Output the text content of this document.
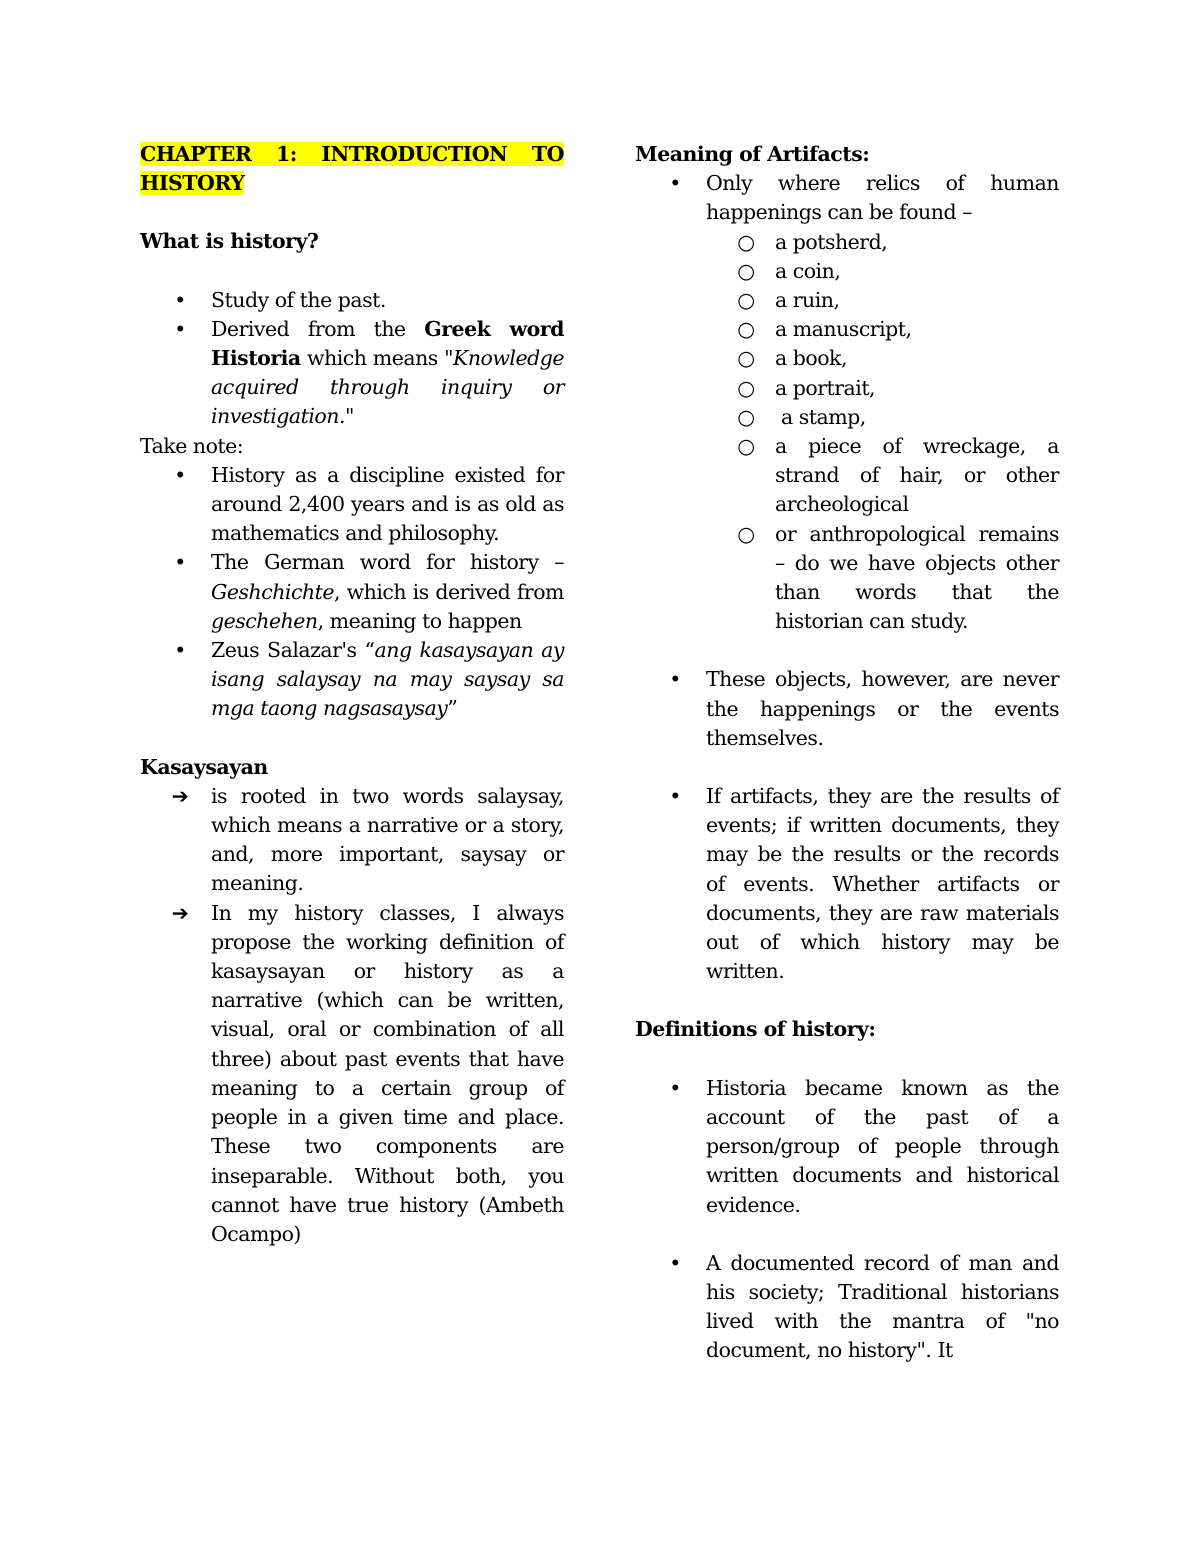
CHAPTER 1: INTRODUCTION TO HISTORY
What is history?
• Study of the past.
• Derived from the Greek word Historia which means "Knowledge acquired through inquiry or investigation."
Take note:
• History as a discipline existed for around 2,400 years and is as old as mathematics and philosophy.
• The German word for history – Geshchichte, which is derived from geschehen, meaning to happen
• Zeus Salazar's “ang kasaysayan ay isang salaysay na may saysay sa mga taong nagsasaysay”
Kasaysayan
➔ is rooted in two words salaysay, which means a narrative or a story, and, more important, saysay or meaning.
➔ In my history classes, I always propose the working definition of kasaysayan or history as a narrative (which can be written, visual, oral or combination of all three) about past events that have meaning to a certain group of people in a given time and place. These two components are inseparable. Without both, you cannot have true history (Ambeth Ocampo)
Meaning of Artifacts:
• Only where relics of human happenings can be found –
○ a potsherd,
○ a coin,
○ a ruin,
○ a manuscript,
○ a book,
○ a portrait,
○ a stamp,
○ a piece of wreckage, a strand of hair, or other archeological
○ or anthropological remains – do we have objects other than words that the historian can study.
• These objects, however, are never the happenings or the events themselves.
• If artifacts, they are the results of events; if written documents, they may be the results or the records of events. Whether artifacts or documents, they are raw materials out of which history may be written.
Definitions of history:
• Historia became known as the account of the past of a person/group of people through written documents and historical evidence.
• A documented record of man and his society; Traditional historians lived with the mantra of "no document, no history". It
